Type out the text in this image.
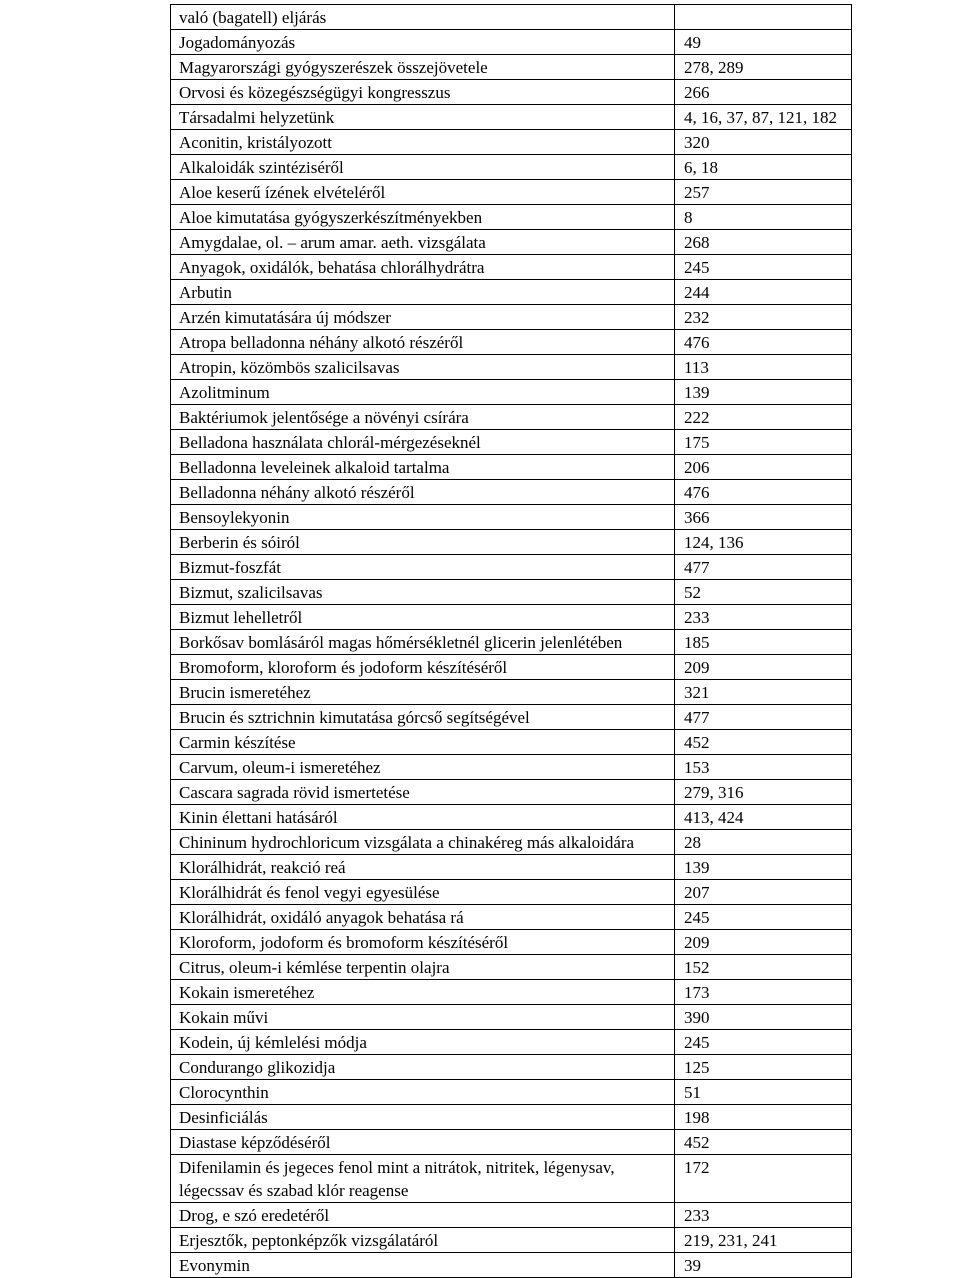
való (bagatell) eljárás	
Jogadományozás	49
Magyarországi gyógyszerészek összejövetele	278, 289
Orvosi és közegészségügyi kongresszus	266
Társadalmi helyzetünk	4, 16, 37, 87, 121, 182
Aconitin, kristályozott	320
Alkaloidák szintéziséről	6, 18
Aloe keserű ízének elvételéről	257
Aloe kimutatása gyógyszerkészítményekben	8
Amygdalae, ol. – arum amar. aeth. vizsgálata	268
Anyagok, oxidálók, behatása chlorálhydrátra	245
Arbutin	244
Arzén kimutatására új módszer	232
Atropa belladonna néhány alkotó részéről	476
Atropin, közömbös szalicilsavas	113
Azolitminum	139
Baktériumok jelentősége a növényi csírára	222
Belladona használata chlorál-mérgezéseknél	175
Belladonna leveleinek alkaloid tartalma	206
Belladonna néhány alkotó részéről	476
Bensoylekyonin	366
Berberin és sóiról	124, 136
Bizmut-foszfát	477
Bizmut, szalicilsavas	52
Bizmut lehelletről	233
Borkősav bomlásáról magas hőmérsékletnél glicerin jelenlétében	185
Bromoform, kloroform és jodoform készítéséről	209
Brucin ismeretéhez	321
Brucin és sztrichnin kimutatása górcső segítségével	477
Carmin készítése	452
Carvum, oleum-i ismeretéhez	153
Cascara sagrada rövid ismertetése	279, 316
Kinin élettani hatásáról	413, 424
Chininum hydrochloricum vizsgálata a chinakéreg más alkaloidára	28
Klorálhidrát, reakció reá	139
Klorálhidrát és fenol vegyi egyesülése	207
Klorálhidrát, oxidáló anyagok behatása rá	245
Kloroform, jodoform és bromoform készítéséről	209
Citrus, oleum-i kémlése terpentin olajra	152
Kokain ismeretéhez	173
Kokain művi	390
Kodein, új kémlelési módja	245
Condurango glikozidja	125
Clorocynthin	51
Desinficiálás	198
Diastase képződéséről	452
Difenilamin és jegeces fenol mint a nitrátok, nitritek, légenysav, légecssav és szabad klór reagense	172
Drog, e szó eredetéről	233
Erjesztők, peptonképzők vizsgálatáról	219, 231, 241
Evonymin	39
